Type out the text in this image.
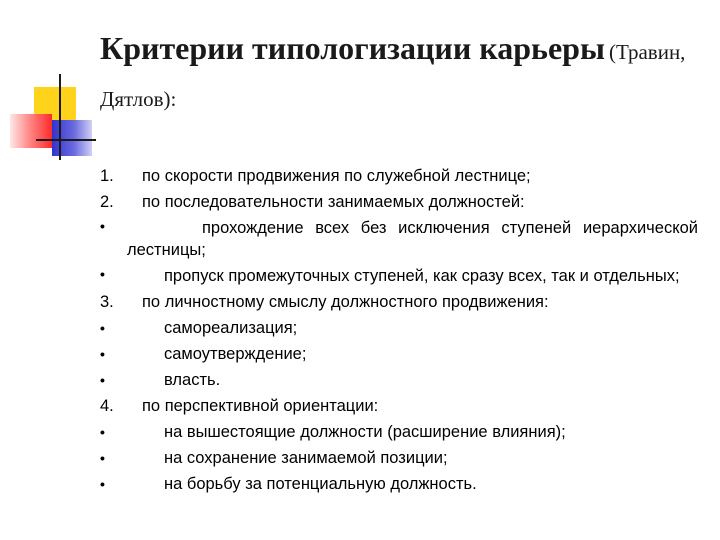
Критерии типологизации карьеры (Травин, Дятлов):
1.	по скорости продвижения по служебной лестнице;
2.	по последовательности занимаемых должностей:
•	прохождение всех без исключения ступеней иерархической лестницы;
•	пропуск промежуточных ступеней, как сразу всех, так и отдельных;
3.	по личностному смыслу должностного продвижения:
•	самореализация;
•	самоутверждение;
•	власть.
4.	по перспективной ориентации:
•	на вышестоящие должности (расширение влияния);
•	на сохранение занимаемой позиции;
•	на борьбу за потенциальную должность.
